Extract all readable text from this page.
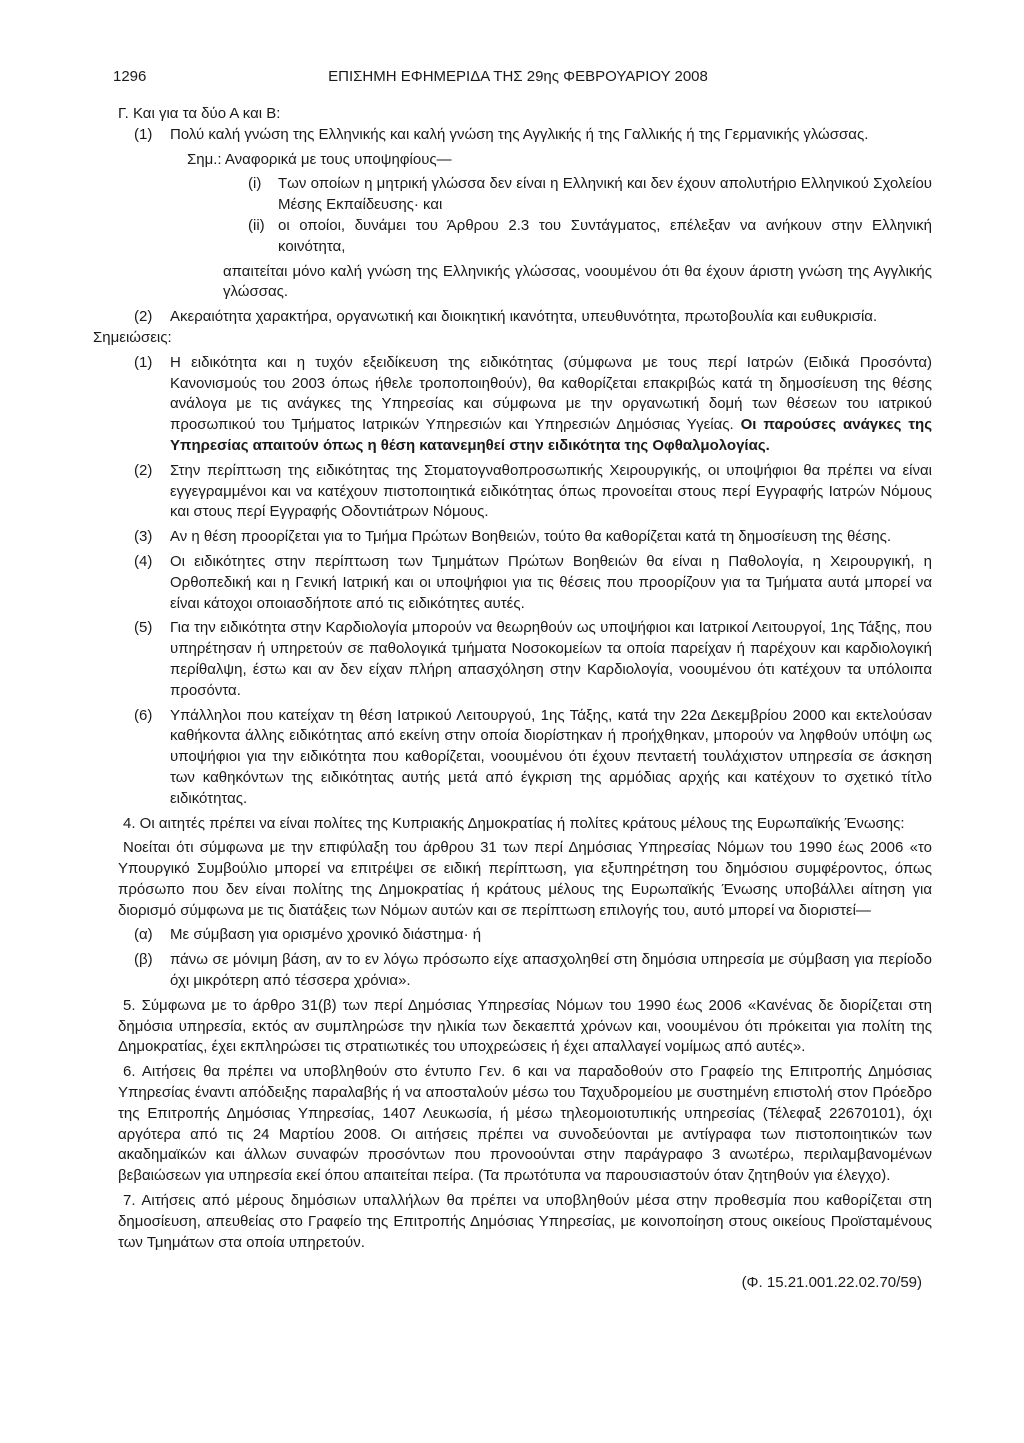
1296	ΕΠΙΣΗΜΗ ΕΦΗΜΕΡΙΔΑ ΤΗΣ 29ης ΦΕΒΡΟΥΑΡΙΟΥ 2008

Γ. Και για τα δύο Α και Β:

(1) Πολύ καλή γνώση της Ελληνικής και καλή γνώση της Αγγλικής ή της Γαλλικής ή της Γερμανικής γλώσσας.

Σημ.: Αναφορικά με τους υποψηφίους—

(i) Των οποίων η μητρική γλώσσα δεν είναι η Ελληνική και δεν έχουν απολυτήριο Ελληνικού Σχολείου Μέσης Εκπαίδευσης· και
(ii) οι οποίοι, δυνάμει του Άρθρου 2.3 του Συντάγματος, επέλεξαν να ανήκουν στην Ελληνική κοινότητα,

απαιτείται μόνο καλή γνώση της Ελληνικής γλώσσας, νοουμένου ότι θα έχουν άριστη γνώση της Αγγλικής γλώσσας.

(2) Ακεραιότητα χαρακτήρα, οργανωτική και διοικητική ικανότητα, υπευθυνότητα, πρωτοβουλία και ευθυκρισία.

Σημειώσεις:

(1) Η ειδικότητα και η τυχόν εξειδίκευση της ειδικότητας (σύμφωνα με τους περί Ιατρών (Ειδικά Προσόντα) Κανονισμούς του 2003 όπως ήθελε τροποποιηθούν), θα καθορίζεται επακριβώς κατά τη δημοσίευση της θέσης ανάλογα με τις ανάγκες της Υπηρεσίας και σύμφωνα με την οργανωτική δομή των θέσεων του ιατρικού προσωπικού του Τμήματος Ιατρικών Υπηρεσιών και Υπηρεσιών Δημόσιας Υγείας. Οι παρούσες ανάγκες της Υπηρεσίας απαιτούν όπως η θέση κατανεμηθεί στην ειδικότητα της Οφθαλμολογίας.
(2) Στην περίπτωση της ειδικότητας της Στοματογναθοπροσωπικής Χειρουργικής, οι υποψήφιοι θα πρέπει να είναι εγγεγραμμένοι και να κατέχουν πιστοποιητικά ειδικότητας όπως προνοείται στους περί Εγγραφής Ιατρών Νόμους και στους περί Εγγραφής Οδοντιάτρων Νόμους.
(3) Αν η θέση προορίζεται για το Τμήμα Πρώτων Βοηθειών, τούτο θα καθορίζεται κατά τη δημοσίευση της θέσης.
(4) Οι ειδικότητες στην περίπτωση των Τμημάτων Πρώτων Βοηθειών θα είναι η Παθολογία, η Χειρουργική, η Ορθοπεδική και η Γενική Ιατρική και οι υποψήφιοι για τις θέσεις που προορίζουν για τα Τμήματα αυτά μπορεί να είναι κάτοχοι οποιασδήποτε από τις ειδικότητες αυτές.
(5) Για την ειδικότητα στην Καρδιολογία μπορούν να θεωρηθούν ως υποψήφιοι και Ιατρικοί Λειτουργοί, 1ης Τάξης, που υπηρέτησαν ή υπηρετούν σε παθολογικά τμήματα Νοσοκομείων τα οποία παρείχαν ή παρέχουν και καρδιολογική περίθαλψη, έστω και αν δεν είχαν πλήρη απασχόληση στην Καρδιολογία, νοουμένου ότι κατέχουν τα υπόλοιπα προσόντα.
(6) Υπάλληλοι που κατείχαν τη θέση Ιατρικού Λειτουργού, 1ης Τάξης, κατά την 22α Δεκεμβρίου 2000 και εκτελούσαν καθήκοντα άλλης ειδικότητας από εκείνη στην οποία διορίστηκαν ή προήχθηκαν, μπορούν να ληφθούν υπόψη ως υποψήφιοι για την ειδικότητα που καθορίζεται, νοουμένου ότι έχουν πενταετή τουλάχιστον υπηρεσία σε άσκηση των καθηκόντων της ειδικότητας αυτής μετά από έγκριση της αρμόδιας αρχής και κατέχουν το σχετικό τίτλο ειδικότητας.

4. Οι αιτητές πρέπει να είναι πολίτες της Κυπριακής Δημοκρατίας ή πολίτες κράτους μέλους της Ευρωπαϊκής Ένωσης:

Νοείται ότι σύμφωνα με την επιφύλαξη του άρθρου 31 των περί Δημόσιας Υπηρεσίας Νόμων του 1990 έως 2006 «το Υπουργικό Συμβούλιο μπορεί να επιτρέψει σε ειδική περίπτωση, για εξυπηρέτηση του δημόσιου συμφέροντος, όπως πρόσωπο που δεν είναι πολίτης της Δημοκρατίας ή κράτους μέλους της Ευρωπαϊκής Ένωσης υποβάλλει αίτηση για διορισμό σύμφωνα με τις διατάξεις των Νόμων αυτών και σε περίπτωση επιλογής του, αυτό μπορεί να διοριστεί—

(α) Με σύμβαση για ορισμένο χρονικό διάστημα· ή
(β) πάνω σε μόνιμη βάση, αν το εν λόγω πρόσωπο είχε απασχοληθεί στη δημόσια υπηρεσία με σύμβαση για περίοδο όχι μικρότερη από τέσσερα χρόνια».

5. Σύμφωνα με το άρθρο 31(β) των περί Δημόσιας Υπηρεσίας Νόμων του 1990 έως 2006 «Κανένας δε διορίζεται στη δημόσια υπηρεσία, εκτός αν συμπληρώσε την ηλικία των δεκαεπτά χρόνων και, νοουμένου ότι πρόκειται για πολίτη της Δημοκρατίας, έχει εκπληρώσει τις στρατιωτικές του υποχρεώσεις ή έχει απαλλαγεί νομίμως από αυτές».

6. Αιτήσεις θα πρέπει να υποβληθούν στο έντυπο Γεν. 6 και να παραδοθούν στο Γραφείο της Επιτροπής Δημόσιας Υπηρεσίας έναντι απόδειξης παραλαβής ή να αποσταλούν μέσω του Ταχυδρομείου με συστημένη επιστολή στον Πρόεδρο της Επιτροπής Δημόσιας Υπηρεσίας, 1407 Λευκωσία, ή μέσω τηλεομοιοτυπικής υπηρεσίας (Τέλεφαξ 22670101), όχι αργότερα από τις 24 Μαρτίου 2008. Οι αιτήσεις πρέπει να συνοδεύονται με αντίγραφα των πιστοποιητικών των ακαδημαϊκών και άλλων συναφών προσόντων που προνοούνται στην παράγραφο 3 ανωτέρω, περιλαμβανομένων βεβαιώσεων για υπηρεσία εκεί όπου απαιτείται πείρα. (Τα πρωτότυπα να παρουσιαστούν όταν ζητηθούν για έλεγχο).

7. Αιτήσεις από μέρους δημόσιων υπαλλήλων θα πρέπει να υποβληθούν μέσα στην προθεσμία που καθορίζεται στη δημοσίευση, απευθείας στο Γραφείο της Επιτροπής Δημόσιας Υπηρεσίας, με κοινοποίηση στους οικείους Προϊσταμένους των Τμημάτων στα οποία υπηρετούν.

(Φ. 15.21.001.22.02.70/59)
